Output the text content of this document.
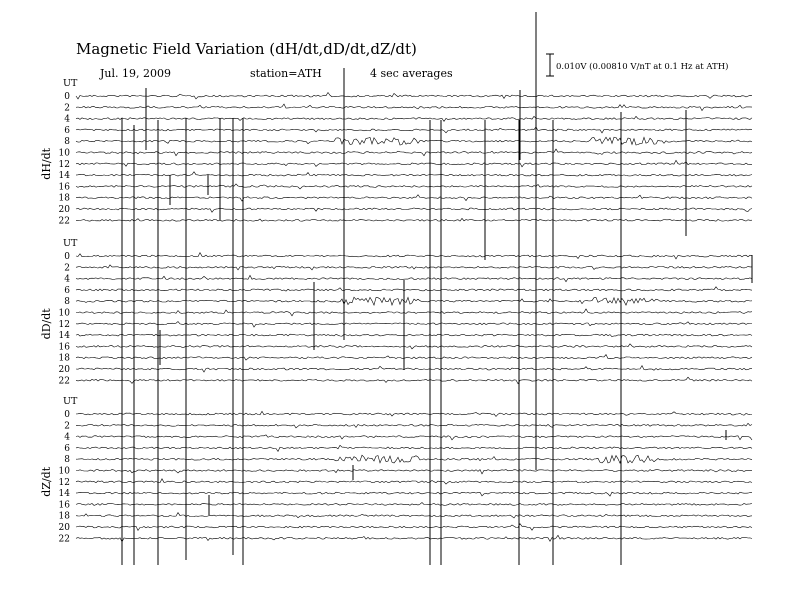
Magnetic Field Variation (dH/dt,dD/dt,dZ/dt)
Jul. 19, 2009	station=ATH	4 sec averages	0.010V (0.00810 V/nT at 0.1 Hz at ATH)
UT
dH/dt
0
2
4
6
8
10
12
14
16
18
20
22
UT
dD/dt
0
2
4
6
8
10
12
14
16
18
20
22
UT
dZ/dt
0
2
4
6
8
10
12
14
16
18
20
22
